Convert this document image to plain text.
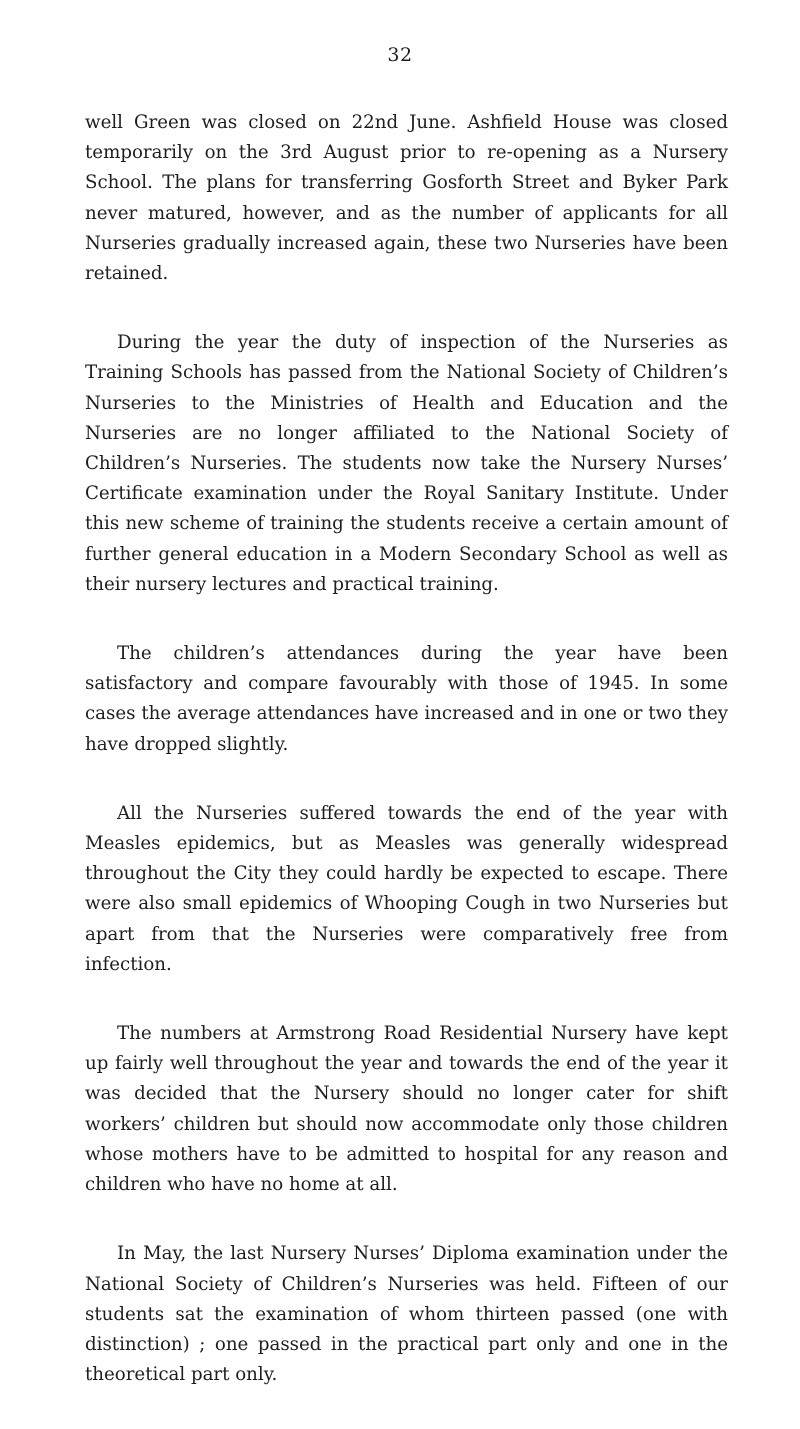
32

well Green was closed on 22nd June. Ashfield House was closed temporarily on the 3rd August prior to re-opening as a Nursery School. The plans for transferring Gosforth Street and Byker Park never matured, however, and as the number of applicants for all Nurseries gradually increased again, these two Nurseries have been retained.

During the year the duty of inspection of the Nurseries as Training Schools has passed from the National Society of Children’s Nurseries to the Ministries of Health and Education and the Nurseries are no longer affiliated to the National Society of Children’s Nurseries. The students now take the Nursery Nurses’ Certificate examination under the Royal Sanitary Institute. Under this new scheme of training the students receive a certain amount of further general education in a Modern Secondary School as well as their nursery lectures and practical training.

The children’s attendances during the year have been satisfactory and compare favourably with those of 1945. In some cases the average attendances have increased and in one or two they have dropped slightly.

All the Nurseries suffered towards the end of the year with Measles epidemics, but as Measles was generally widespread throughout the City they could hardly be expected to escape. There were also small epidemics of Whooping Cough in two Nurseries but apart from that the Nurseries were comparatively free from infection.

The numbers at Armstrong Road Residential Nursery have kept up fairly well throughout the year and towards the end of the year it was decided that the Nursery should no longer cater for shift workers’ children but should now accommodate only those children whose mothers have to be admitted to hospital for any reason and children who have no home at all.

In May, the last Nursery Nurses’ Diploma examination under the National Society of Children’s Nurseries was held. Fifteen of our students sat the examination of whom thirteen passed (one with distinction) ; one passed in the practical part only and one in the theoretical part only.
